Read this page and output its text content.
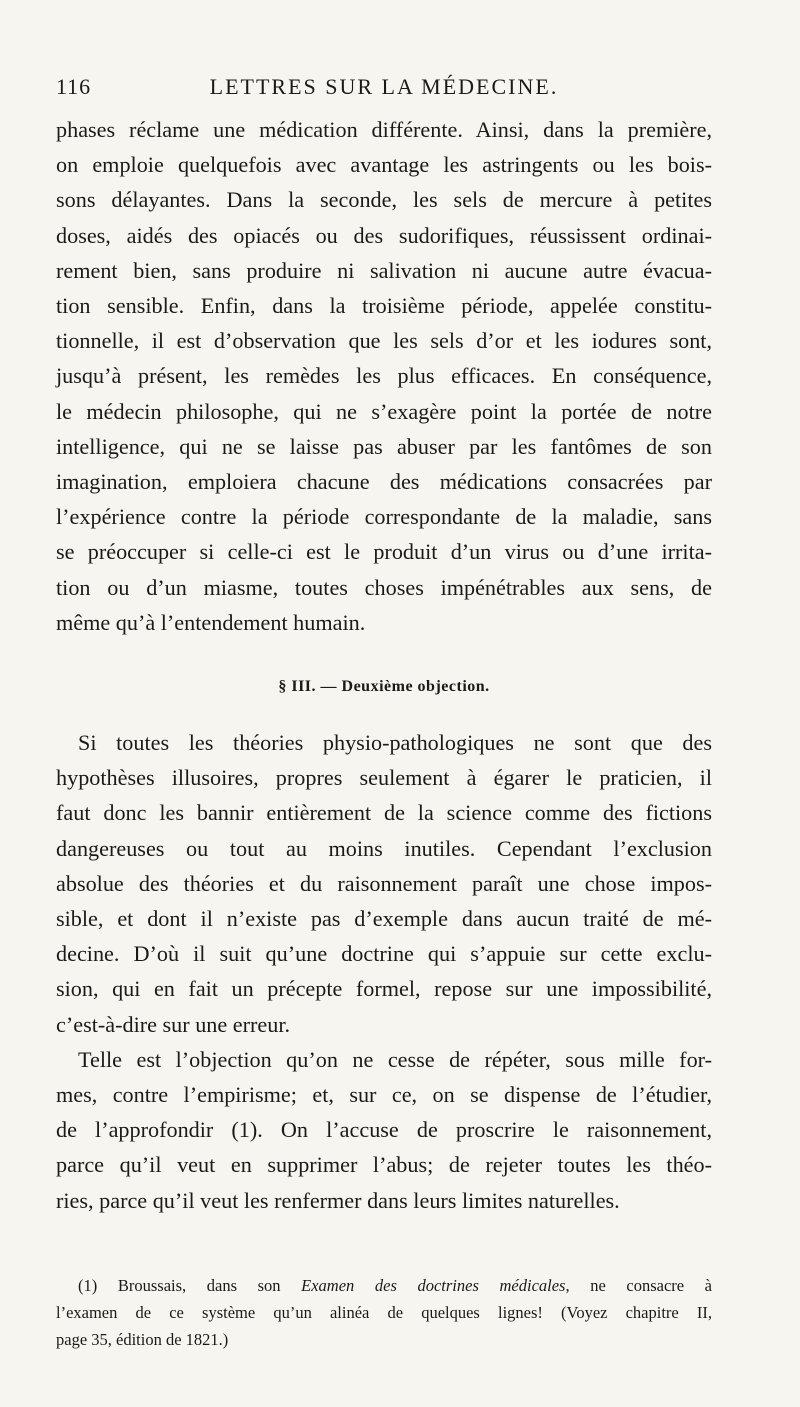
116	LETTRES SUR LA MÉDECINE.
phases réclame une médication différente. Ainsi, dans la première,
on emploie quelquefois avec avantage les astringents ou les bois-
sons délayantes. Dans la seconde, les sels de mercure à petites
doses, aidés des opiacés ou des sudorifiques, réussissent ordinai-
rement bien, sans produire ni salivation ni aucune autre évacua-
tion sensible. Enfin, dans la troisième période, appelée constitu-
tionnelle, il est d’observation que les sels d’or et les iodures sont,
jusqu’à présent, les remèdes les plus efficaces. En conséquence,
le médecin philosophe, qui ne s’exagère point la portée de notre
intelligence, qui ne se laisse pas abuser par les fantômes de son
imagination, emploiera chacune des médications consacrées par
l’expérience contre la période correspondante de la maladie, sans
se préoccuper si celle-ci est le produit d’un virus ou d’une irrita-
tion ou d’un miasme, toutes choses impénétrables aux sens, de
même qu’à l’entendement humain.
§ III. — Deuxième objection.
Si toutes les théories physio-pathologiques ne sont que des
hypothèses illusoires, propres seulement à égarer le praticien, il
faut donc les bannir entièrement de la science comme des fictions
dangereuses ou tout au moins inutiles. Cependant l’exclusion
absolue des théories et du raisonnement paraît une chose impos-
sible, et dont il n’existe pas d’exemple dans aucun traité de mé-
decine. D’où il suit qu’une doctrine qui s’appuie sur cette exclu-
sion, qui en fait un précepte formel, repose sur une impossibilité,
c’est-à-dire sur une erreur.
Telle est l’objection qu’on ne cesse de répéter, sous mille for-
mes, contre l’empirisme; et, sur ce, on se dispense de l’étudier,
de l’approfondir (1). On l’accuse de proscrire le raisonnement,
parce qu’il veut en supprimer l’abus; de rejeter toutes les théo-
ries, parce qu’il veut les renfermer dans leurs limites naturelles.
(1) Broussais, dans son Examen des doctrines médicales, ne consacre à
l’examen de ce système qu’un alinéa de quelques lignes! (Voyez chapitre II,
page 35, édition de 1821.)
